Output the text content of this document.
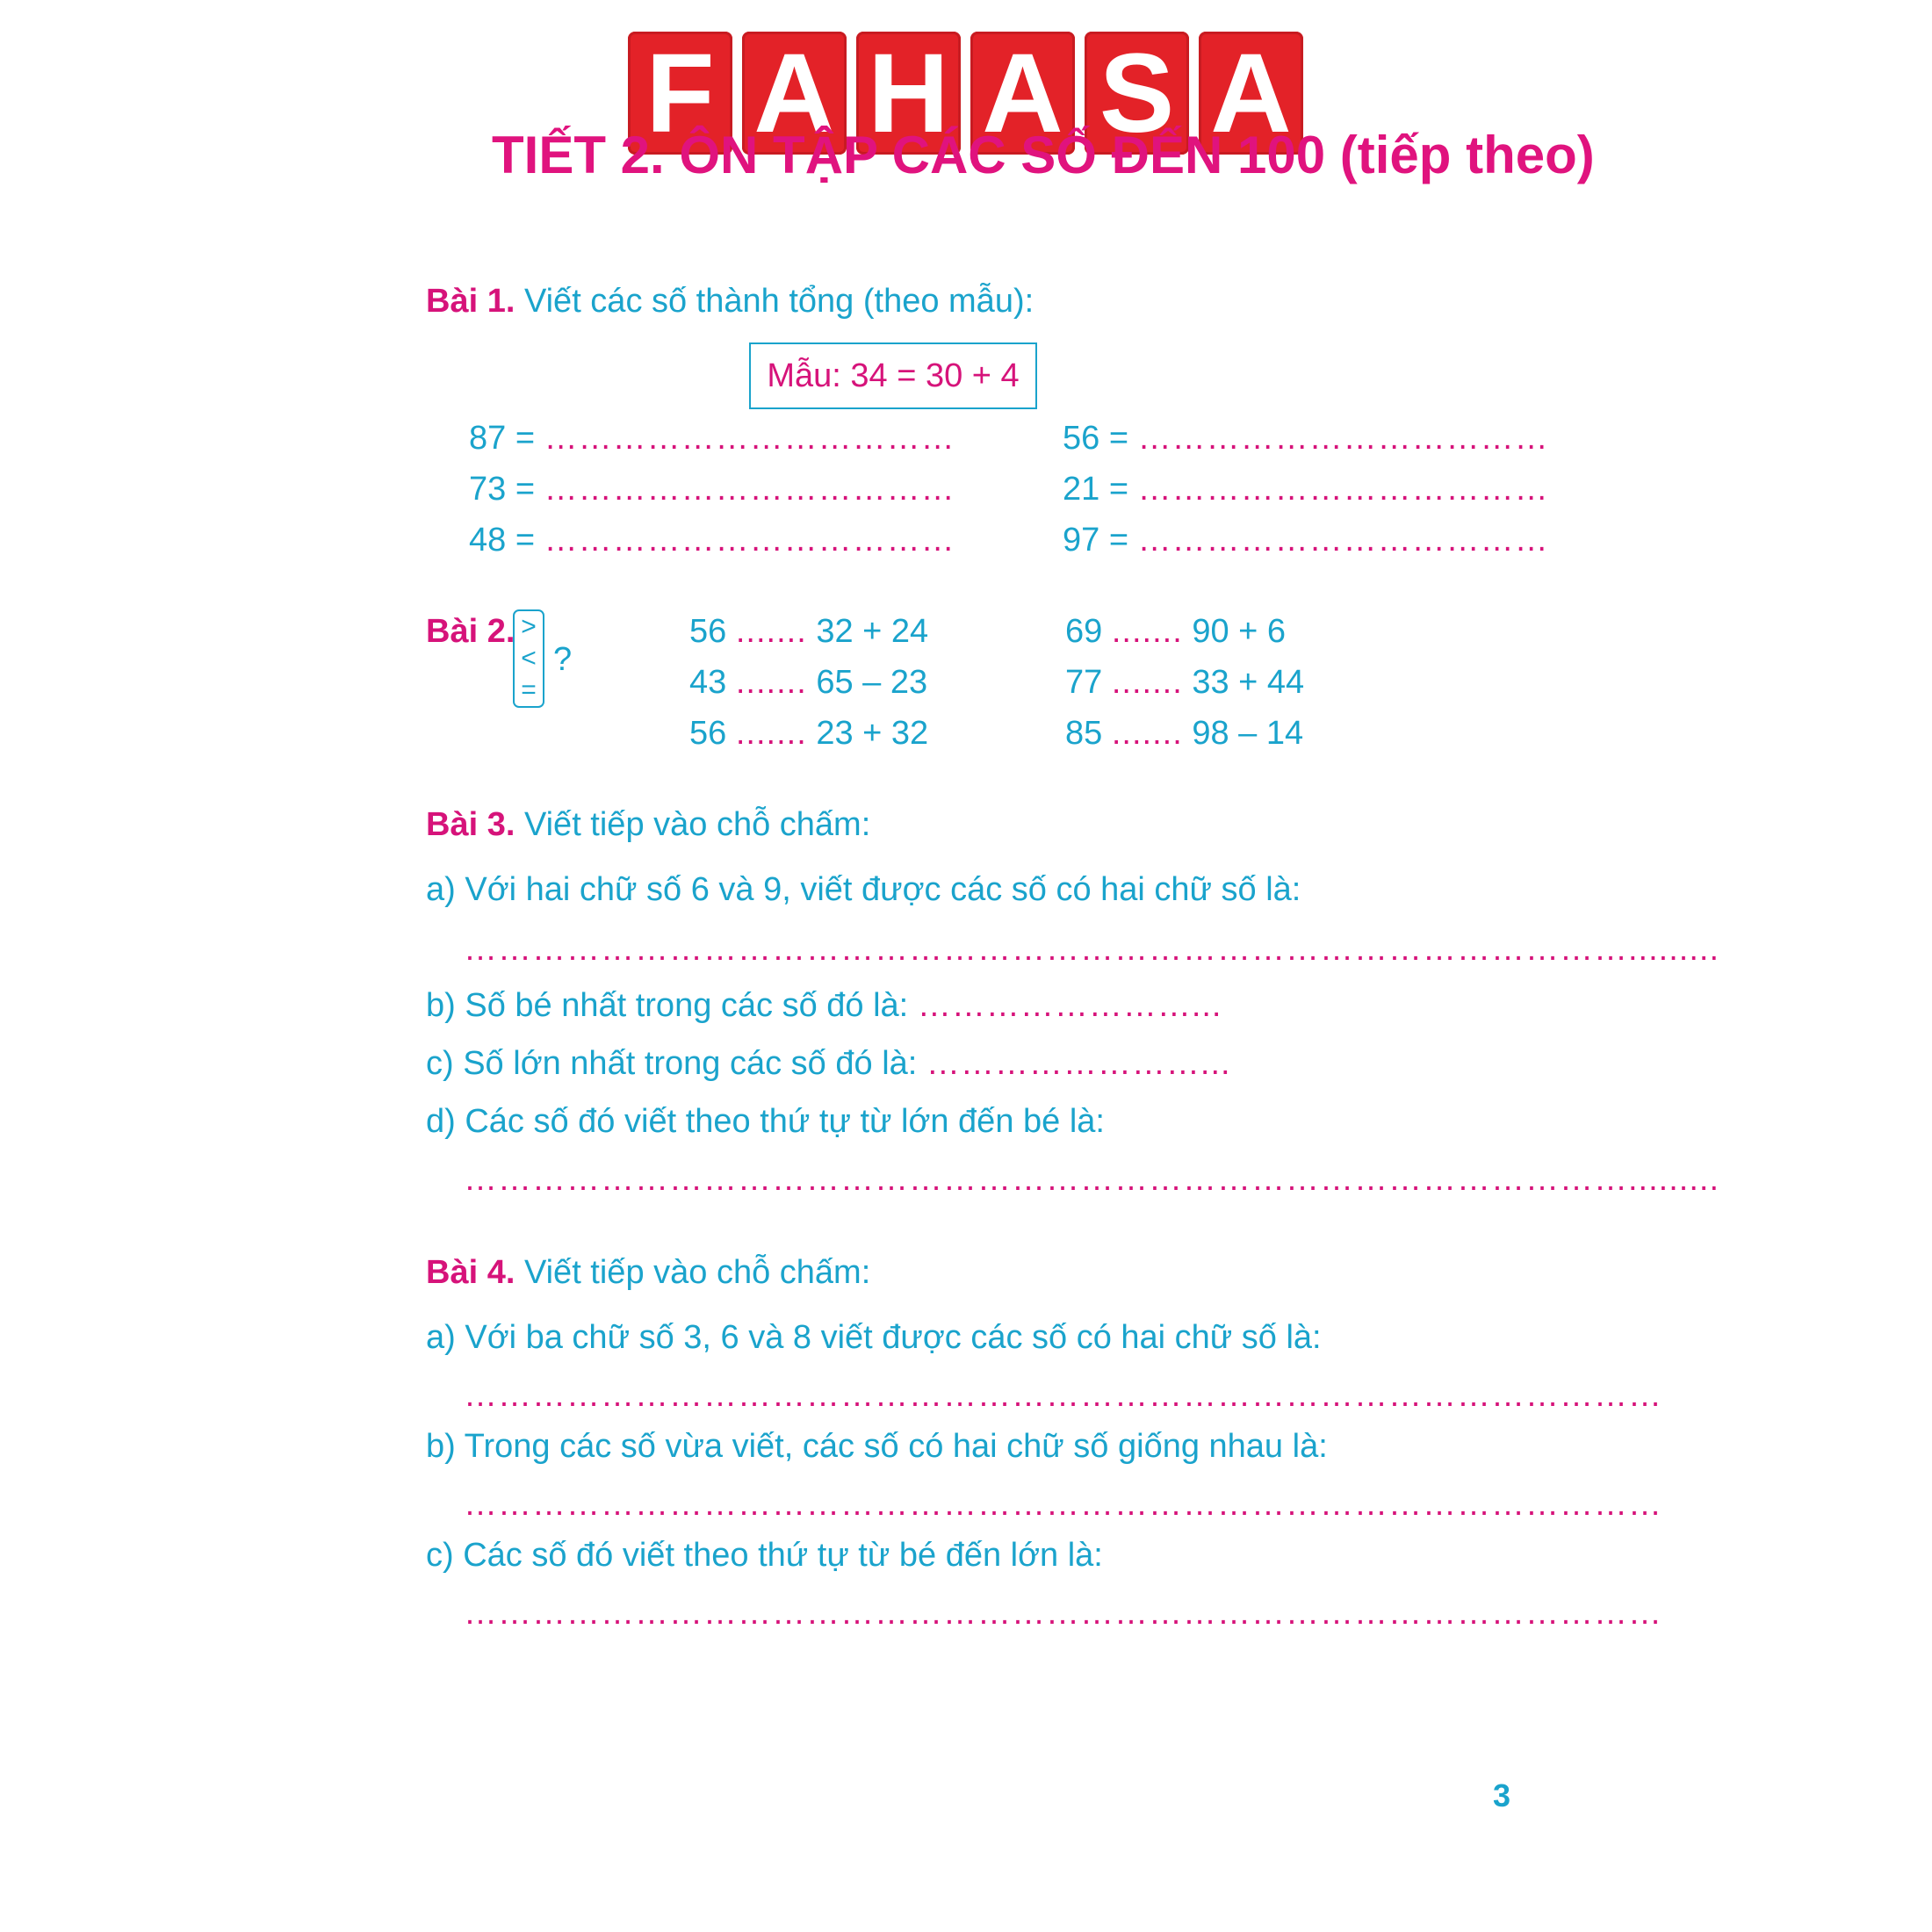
F A H A S A
TIẾT 2. ÔN TẬP CÁC SỐ ĐẾN 100 (tiếp theo)
Bài 1. Viết các số thành tổng (theo mẫu):
Mẫu: 34 = 30 + 4
87 = ………………………………
73 = ………………………………
48 = ………………………………
56 = ………………………………
21 = ………………………………
97 = ………………………………
Bài 2. >
<
=
?
56 ....... 32 + 24
43 ....... 65 – 23
56 ....... 23 + 32
69 ....... 90 + 6
77 ....... 33 + 44
85 ....... 98 – 14
Bài 3. Viết tiếp vào chỗ chấm:
a) Với hai chữ số 6 và 9, viết được các số có hai chữ số là:
………………………………………………………………………………………….........
b) Số bé nhất trong các số đó là: ……………………...
c) Số lớn nhất trong các số đó là: ……………………...
d) Các số đó viết theo thứ tự từ lớn đến bé là:
………………………………………………………………………………………….........
Bài 4. Viết tiếp vào chỗ chấm:
a) Với ba chữ số 3, 6 và 8 viết được các số có hai chữ số là:
……………………………………………………………………………………………
b) Trong các số vừa viết, các số có hai chữ số giống nhau là:
……………………………………………………………………………………………
c) Các số đó viết theo thứ tự từ bé đến lớn là:
……………………………………………………………………………………………
3
